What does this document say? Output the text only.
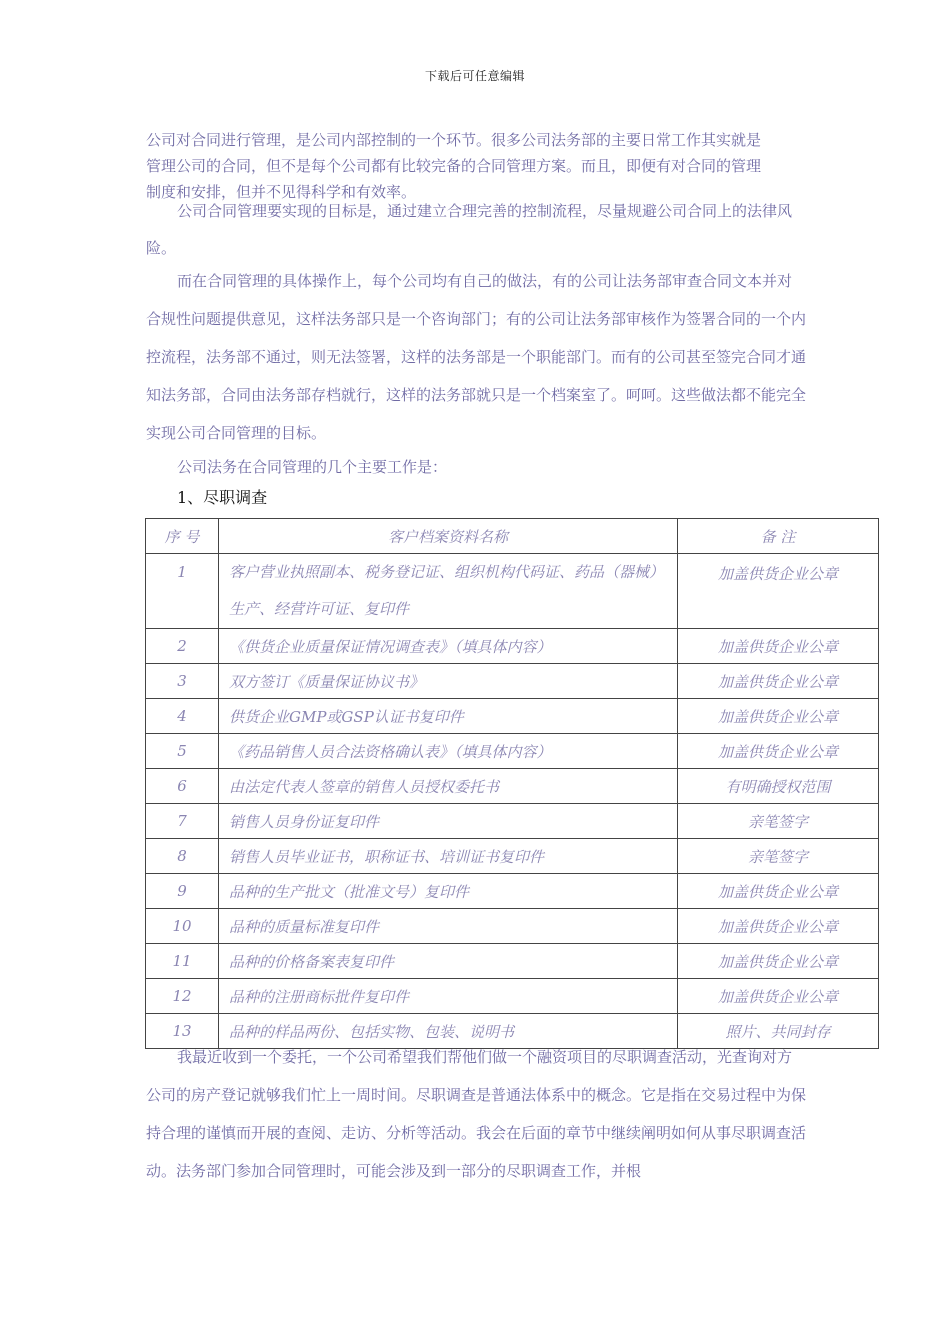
下载后可任意编辑

公司对合同进行管理，是公司内部控制的一个环节。很多公司法务部的主要日常工作其实就是

管理公司的合同，但不是每个公司都有比较完备的合同管理方案。而且，即便有对合同的管理

制度和安排，但并不见得科学和有效率。

公司合同管理要实现的目标是，通过建立合理完善的控制流程，尽量规避公司合同上的法律风险。

而在合同管理的具体操作上，每个公司均有自己的做法，有的公司让法务部审查合同文本并对合规性问题提供意见，这样法务部只是一个咨询部门；有的公司让法务部审核作为签署合同的一个内控流程，法务部不通过，则无法签署，这样的法务部是一个职能部门。而有的公司甚至签完合同才通知法务部，合同由法务部存档就行，这样的法务部就只是一个档案室了。呵呵。这些做法都不能完全实现公司合同管理的目标。

公司法务在合同管理的几个主要工作是：

1、尽职调查
序 号	客户档案资料名称	备 注
1	客户营业执照副本、税务登记证、组织机构代码证、药品（器械）生产、经营许可证、复印件	加盖供货企业公章
2	《供货企业质量保证情况调查表》（填具体内容）	加盖供货企业公章
3	双方签订《质量保证协议书》	加盖供货企业公章
4	供货企业GMP或GSP认证书复印件	加盖供货企业公章
5	《药品销售人员合法资格确认表》（填具体内容）	加盖供货企业公章
6	由法定代表人签章的销售人员授权委托书	有明确授权范围
7	销售人员身份证复印件	亲笔签字
8	销售人员毕业证书，职称证书、培训证书复印件	亲笔签字
9	品种的生产批文（批准文号）复印件	加盖供货企业公章
10	品种的质量标准复印件	加盖供货企业公章
11	品种的价格备案表复印件	加盖供货企业公章
12	品种的注册商标批件复印件	加盖供货企业公章
13	品种的样品两份、包括实物、包装、说明书	照片、共同封存

我最近收到一个委托，一个公司希望我们帮他们做一个融资项目的尽职调查活动，光查询对方公司的房产登记就够我们忙上一周时间。尽职调查是普通法体系中的概念。它是指在交易过程中为保持合理的谨慎而开展的查阅、走访、分析等活动。我会在后面的章节中继续阐明如何从事尽职调查活动。法务部门参加合同管理时，可能会涉及到一部分的尽职调查工作，并根
